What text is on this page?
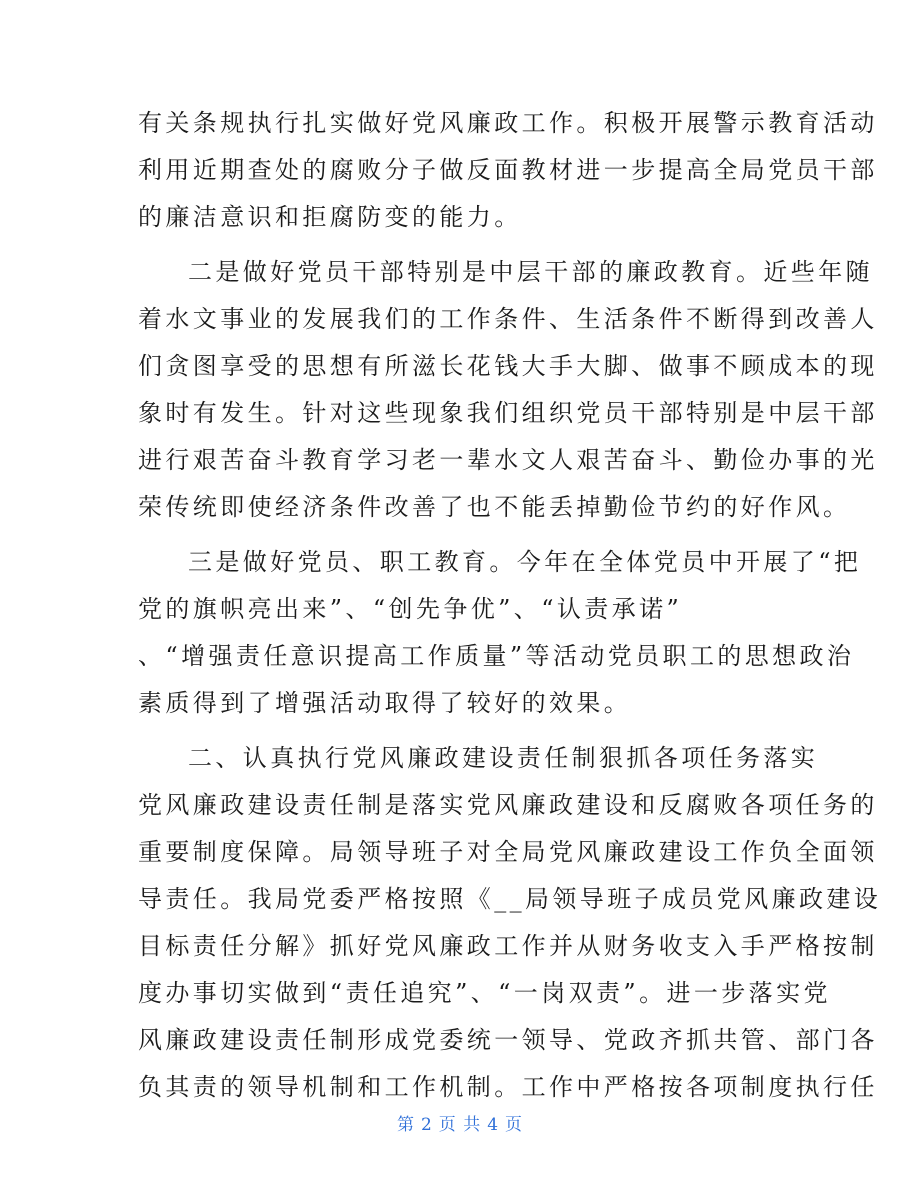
有关条规执行扎实做好党风廉政工作。积极开展警示教育活动
利用近期查处的腐败分子做反面教材进一步提高全局党员干部
的廉洁意识和拒腐防变的能力。
二是做好党员干部特别是中层干部的廉政教育。近些年随
着水文事业的发展我们的工作条件、生活条件不断得到改善人
们贪图享受的思想有所滋长花钱大手大脚、做事不顾成本的现
象时有发生。针对这些现象我们组织党员干部特别是中层干部
进行艰苦奋斗教育学习老一辈水文人艰苦奋斗、勤俭办事的光
荣传统即使经济条件改善了也不能丢掉勤俭节约的好作风。
三是做好党员、职工教育。今年在全体党员中开展了“把
党的旗帜亮出来”、“创先争优”、“认责承诺”
、“增强责任意识提高工作质量”等活动党员职工的思想政治
素质得到了增强活动取得了较好的效果。
二、认真执行党风廉政建设责任制狠抓各项任务落实
党风廉政建设责任制是落实党风廉政建设和反腐败各项任务的
重要制度保障。局领导班子对全局党风廉政建设工作负全面领
导责任。我局党委严格按照《__局领导班子成员党风廉政建设
目标责任分解》抓好党风廉政工作并从财务收支入手严格按制
度办事切实做到“责任追究”、“一岗双责”。进一步落实党
风廉政建设责任制形成党委统一领导、党政齐抓共管、部门各
负其责的领导机制和工作机制。工作中严格按各项制度执行任
第 2 页 共 4 页
